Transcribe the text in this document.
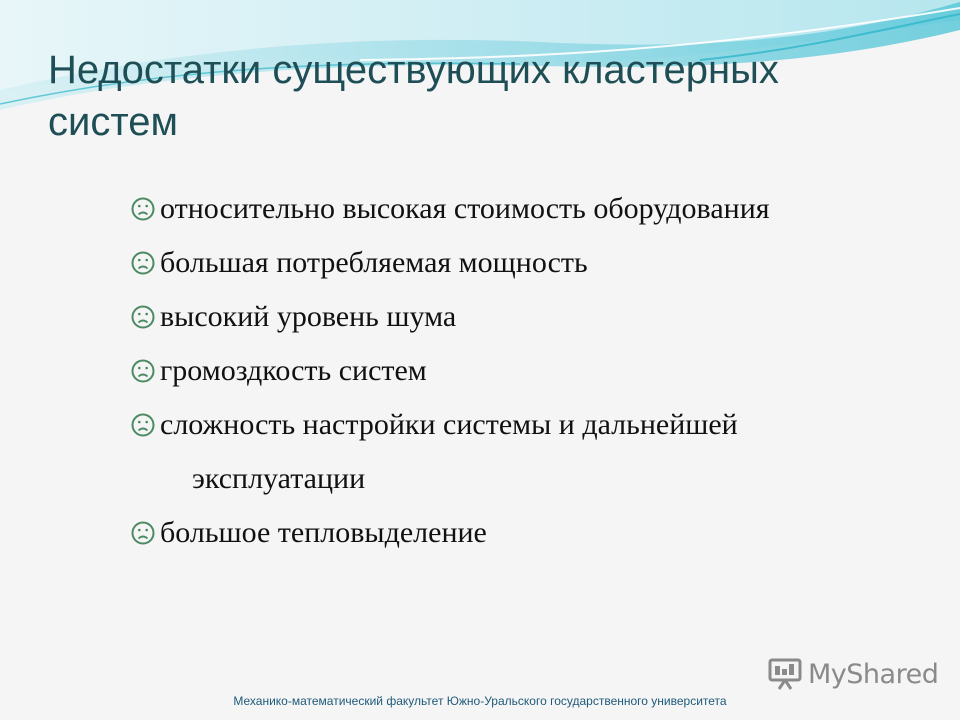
Недостатки существующих кластерных систем
относительно высокая стоимость оборудования
большая потребляемая мощность
высокий уровень шума
громоздкость систем
сложность настройки системы и дальнейшей
эксплуатации
большое тепловыделение
MyShared
Механико-математический факультет Южно-Уральского государственного университета
